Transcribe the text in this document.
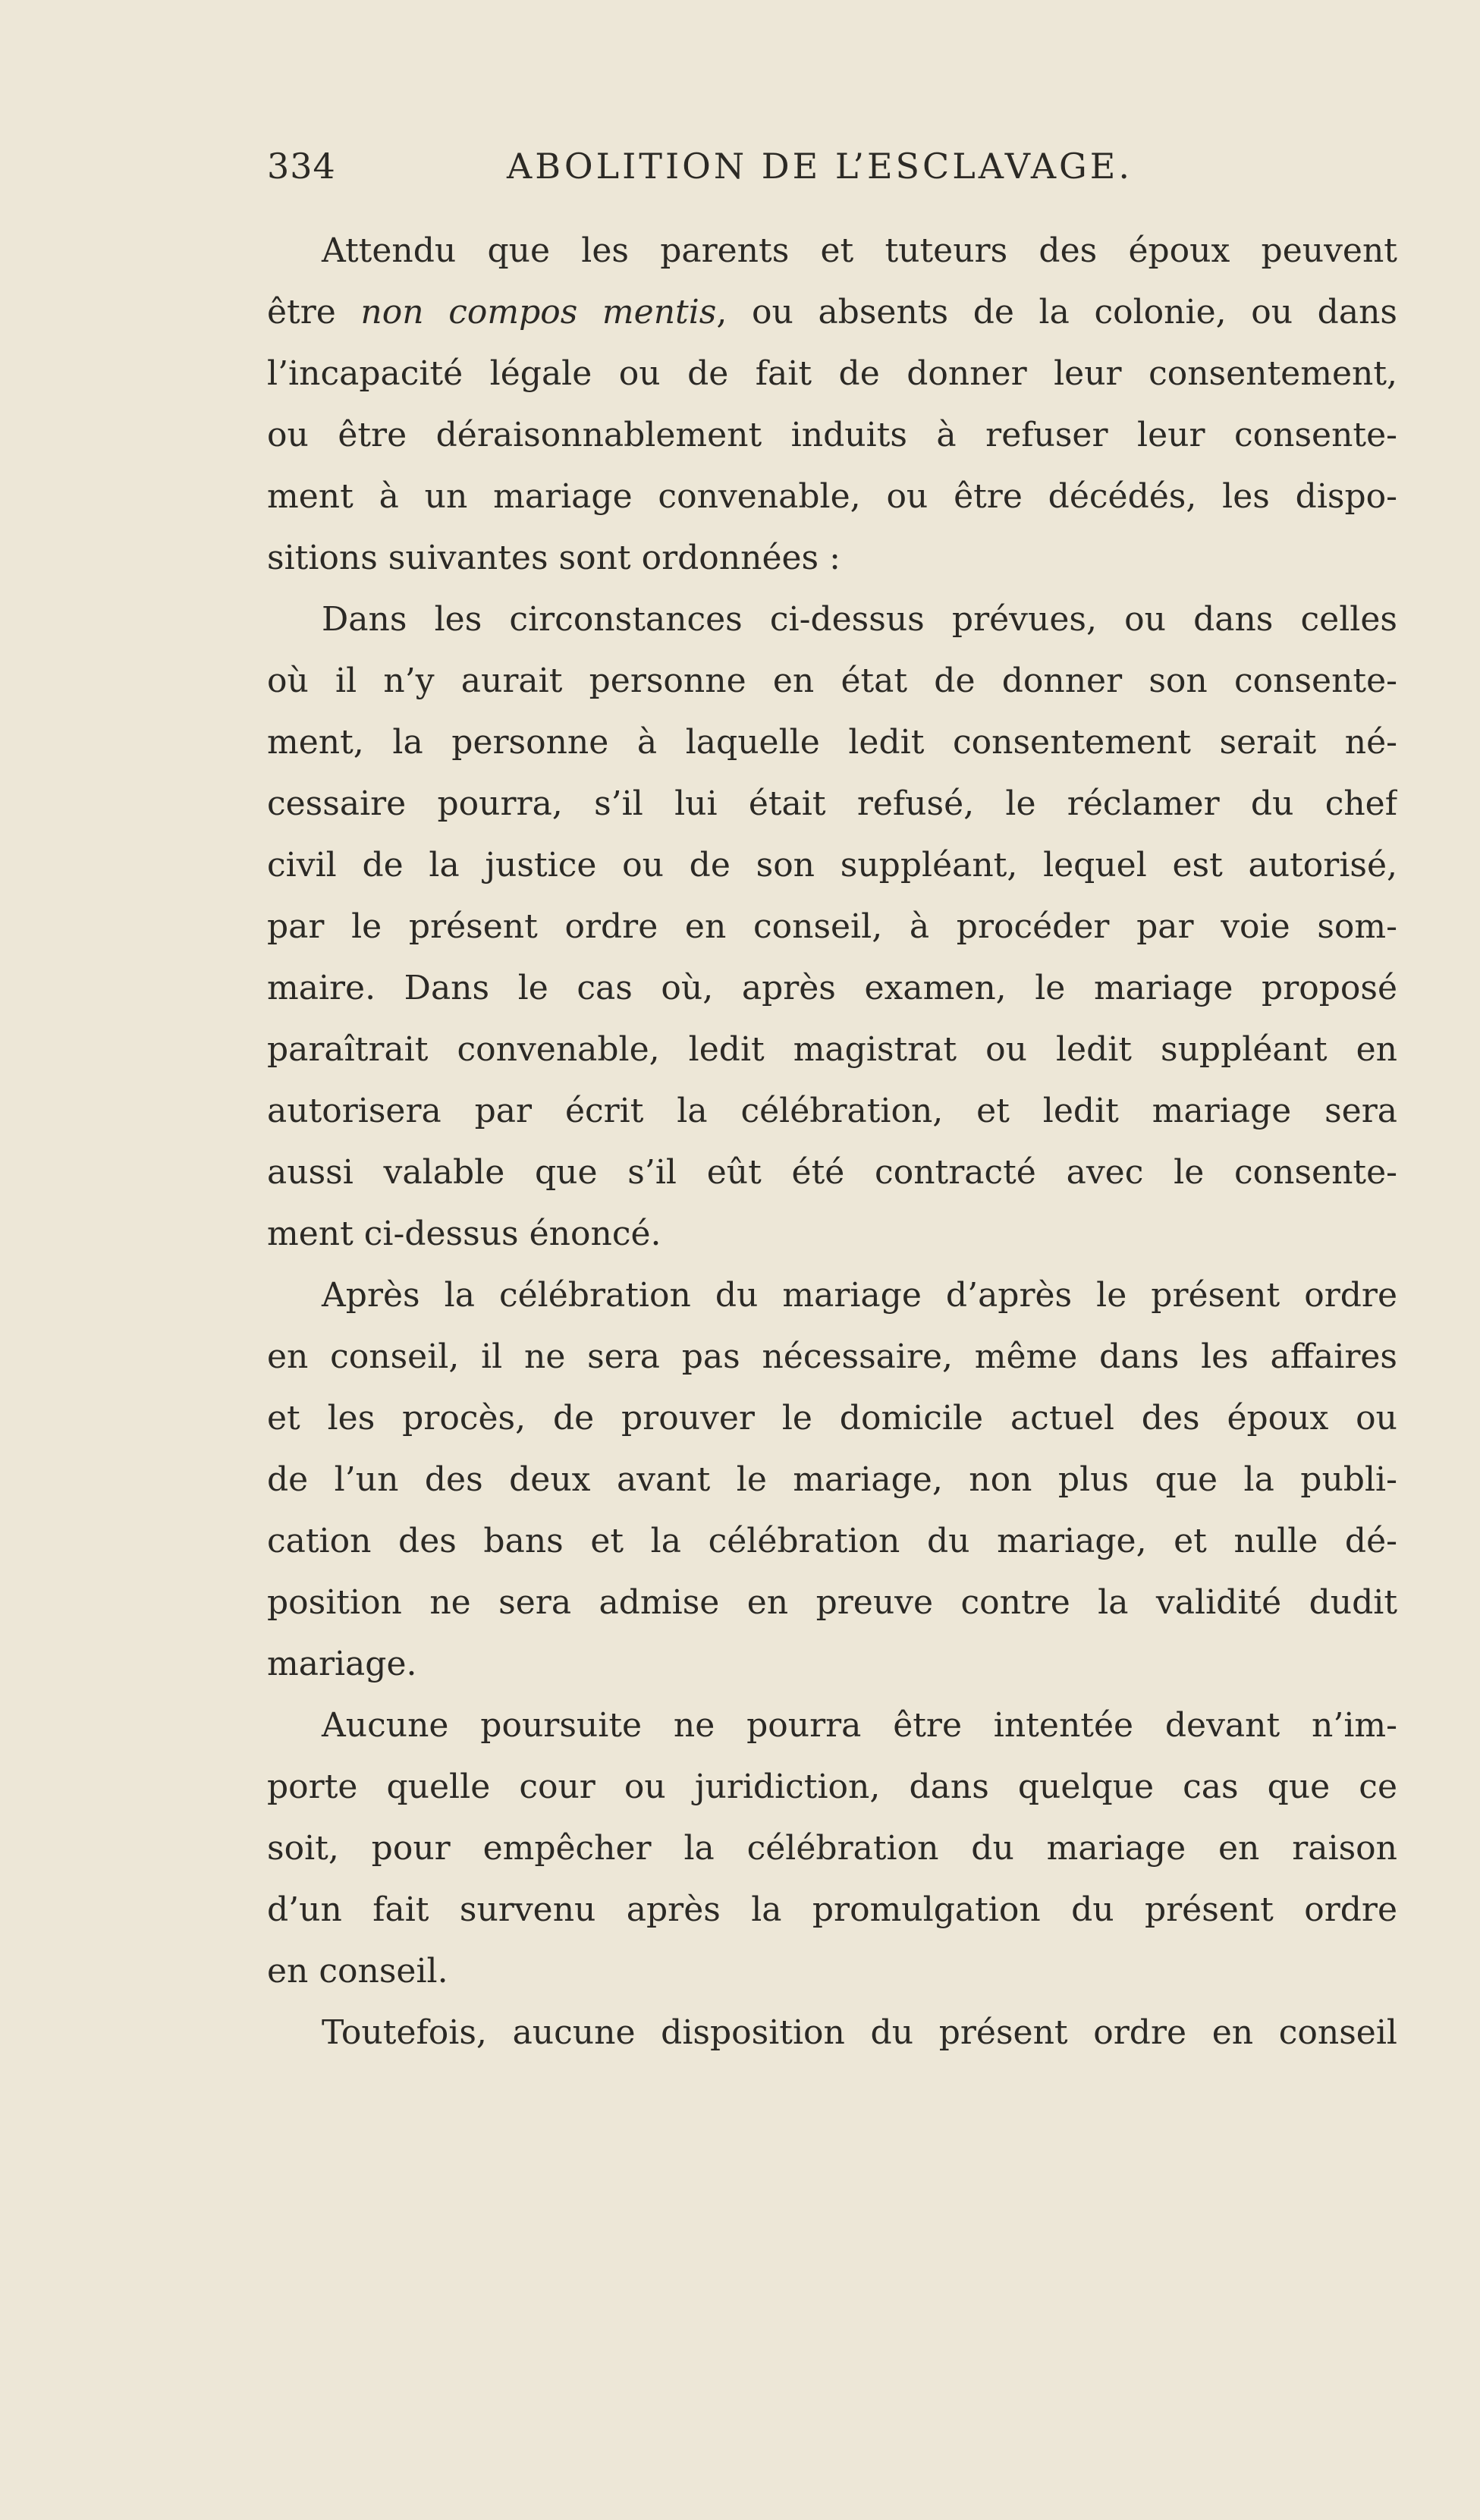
334	ABOLITION DE L’ESCLAVAGE.
Attendu que les parents et tuteurs des époux peuvent
être non compos mentis, ou absents de la colonie, ou dans
l’incapacité légale ou de fait de donner leur consentement,
ou être déraisonnablement induits à refuser leur consente-
ment à un mariage convenable, ou être décédés, les dispo-
sitions suivantes sont ordonnées :
Dans les circonstances ci-dessus prévues, ou dans celles
où il n’y aurait personne en état de donner son consente-
ment, la personne à laquelle ledit consentement serait né-
cessaire pourra, s’il lui était refusé, le réclamer du chef
civil de la justice ou de son suppléant, lequel est autorisé,
par le présent ordre en conseil, à procéder par voie som-
maire. Dans le cas où, après examen, le mariage proposé
paraîtrait convenable, ledit magistrat ou ledit suppléant en
autorisera par écrit la célébration, et ledit mariage sera
aussi valable que s’il eût été contracté avec le consente-
ment ci-dessus énoncé.
Après la célébration du mariage d’après le présent ordre
en conseil, il ne sera pas nécessaire, même dans les affaires
et les procès, de prouver le domicile actuel des époux ou
de l’un des deux avant le mariage, non plus que la publi-
cation des bans et la célébration du mariage, et nulle dé-
position ne sera admise en preuve contre la validité dudit
mariage.
Aucune poursuite ne pourra être intentée devant n’im-
porte quelle cour ou juridiction, dans quelque cas que ce
soit, pour empêcher la célébration du mariage en raison
d’un fait survenu après la promulgation du présent ordre
en conseil.
Toutefois, aucune disposition du présent ordre en conseil
